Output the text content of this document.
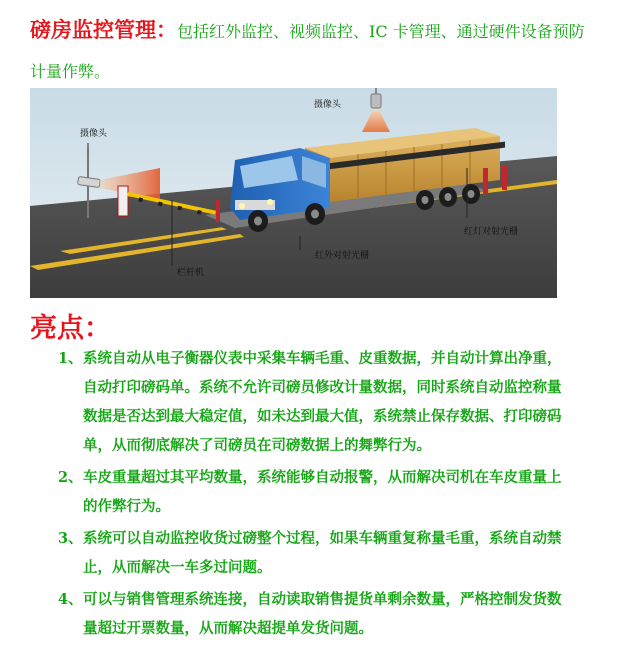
磅房监控管理：包括红外监控、视频监控、IC 卡管理、通过硬件设备预防计量作弊。
摄像头
摄像头
红灯对射光栅
红外对射光栅
栏杆机
亮点：
1、系统自动从电子衡器仪表中采集车辆毛重、皮重数据，并自动计算出净重，自动打印磅码单。系统不允许司磅员修改计量数据，同时系统自动监控称量数据是否达到最大稳定值，如未达到最大值，系统禁止保存数据、打印磅码单，从而彻底解决了司磅员在司磅数据上的舞弊行为。
2、车皮重量超过其平均数量，系统能够自动报警，从而解决司机在车皮重量上的作弊行为。
3、系统可以自动监控收货过磅整个过程，如果车辆重复称量毛重，系统自动禁止，从而解决一车多过问题。
4、可以与销售管理系统连接，自动读取销售提货单剩余数量，严格控制发货数量超过开票数量，从而解决超提单发货问题。
